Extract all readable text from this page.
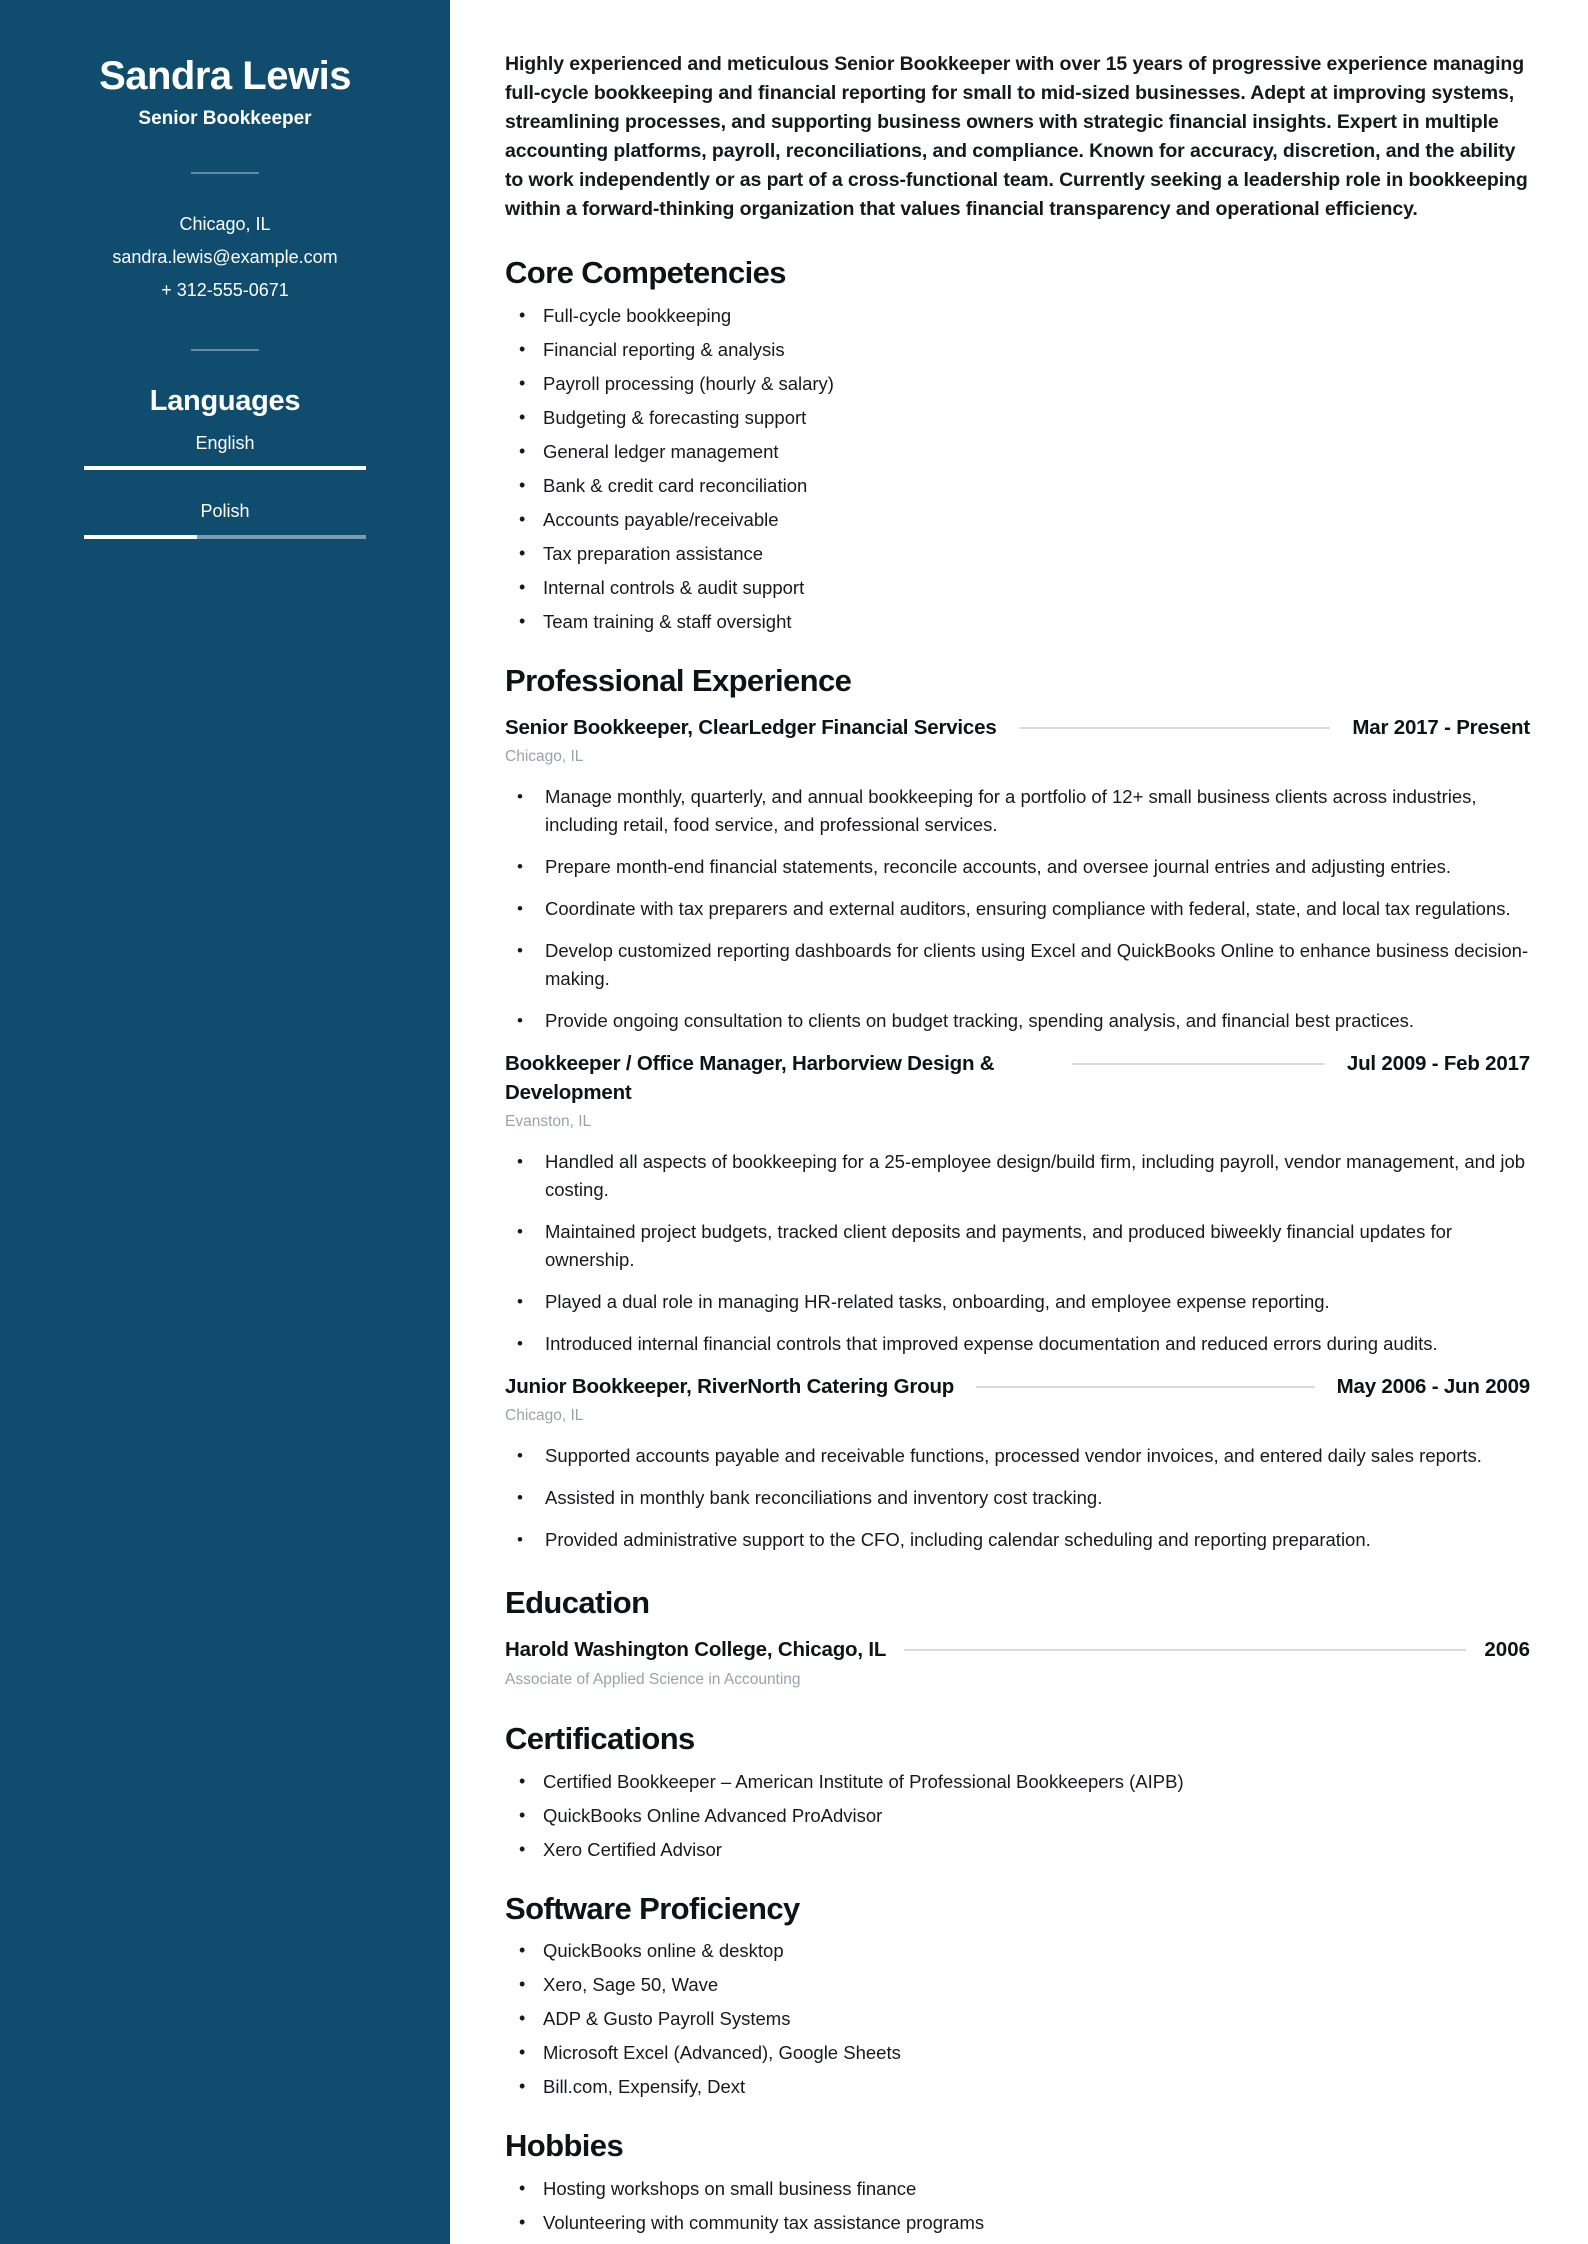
Sandra Lewis
Senior Bookkeeper
Chicago, IL
sandra.lewis@example.com
+ 312-555-0671
Languages
English
Polish

Highly experienced and meticulous Senior Bookkeeper with over 15 years of progressive experience managing full-cycle bookkeeping and financial reporting for small to mid-sized businesses. Adept at improving systems, streamlining processes, and supporting business owners with strategic financial insights. Expert in multiple accounting platforms, payroll, reconciliations, and compliance. Known for accuracy, discretion, and the ability to work independently or as part of a cross-functional team. Currently seeking a leadership role in bookkeeping within a forward-thinking organization that values financial transparency and operational efficiency.

Core Competencies
• Full-cycle bookkeeping
• Financial reporting & analysis
• Payroll processing (hourly & salary)
• Budgeting & forecasting support
• General ledger management
• Bank & credit card reconciliation
• Accounts payable/receivable
• Tax preparation assistance
• Internal controls & audit support
• Team training & staff oversight
Professional Experience
Senior Bookkeeper, ClearLedger Financial Services	Mar 2017 - Present
Chicago, IL
• Manage monthly, quarterly, and annual bookkeeping for a portfolio of 12+ small business clients across industries, including retail, food service, and professional services.
• Prepare month-end financial statements, reconcile accounts, and oversee journal entries and adjusting entries.
• Coordinate with tax preparers and external auditors, ensuring compliance with federal, state, and local tax regulations.
• Develop customized reporting dashboards for clients using Excel and QuickBooks Online to enhance business decision-making.
• Provide ongoing consultation to clients on budget tracking, spending analysis, and financial best practices.
Bookkeeper / Office Manager, Harborview Design & Development
Jul 2009 - Feb 2017
Evanston, IL
• Handled all aspects of bookkeeping for a 25-employee design/build firm, including payroll, vendor management, and job costing.
• Maintained project budgets, tracked client deposits and payments, and produced biweekly financial updates for ownership.
• Played a dual role in managing HR-related tasks, onboarding, and employee expense reporting.
• Introduced internal financial controls that improved expense documentation and reduced errors during audits.
Junior Bookkeeper, RiverNorth Catering Group	May 2006 - Jun 2009
Chicago, IL
• Supported accounts payable and receivable functions, processed vendor invoices, and entered daily sales reports.
• Assisted in monthly bank reconciliations and inventory cost tracking.
• Provided administrative support to the CFO, including calendar scheduling and reporting preparation.
Education
Harold Washington College, Chicago, IL	2006
Associate of Applied Science in Accounting
Certifications
• Certified Bookkeeper – American Institute of Professional Bookkeepers (AIPB)
• QuickBooks Online Advanced ProAdvisor
• Xero Certified Advisor
Software Proficiency
• QuickBooks online & desktop
• Xero, Sage 50, Wave
• ADP & Gusto Payroll Systems
• Microsoft Excel (Advanced), Google Sheets
• Bill.com, Expensify, Dext
Hobbies
• Hosting workshops on small business finance
• Volunteering with community tax assistance programs
